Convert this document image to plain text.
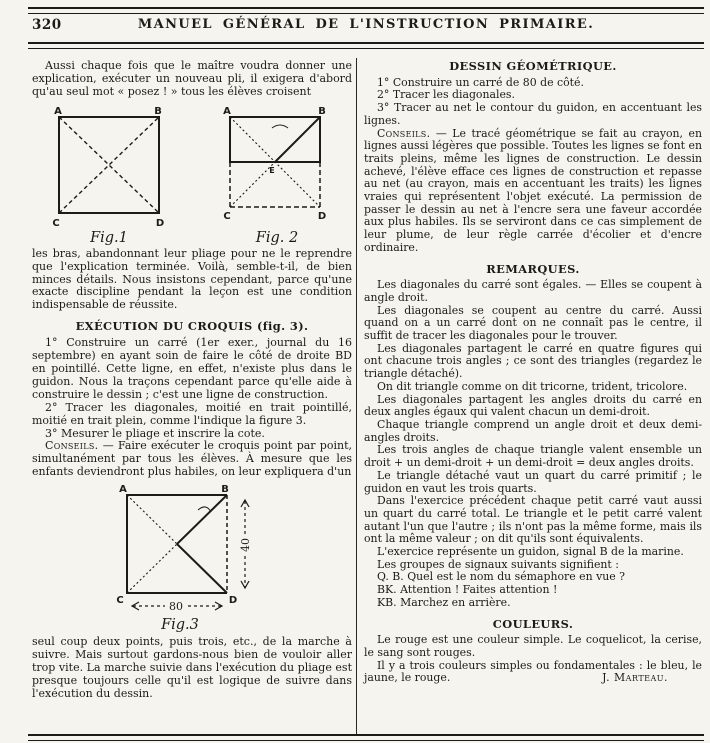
320	MANUEL GÉNÉRAL DE L'INSTRUCTION PRIMAIRE.

Aussi chaque fois que le maître voudra donner une explication, exécuter un nouveau pli, il exigera d'abord qu'au seul mot « posez ! » tous les élèves croisent

A	B
C	D
Fig.1
A	B
C	D
E
Fig. 2

les bras, abandonnant leur pliage pour ne le reprendre que l'explication terminée. Voilà, semble-t-il, de bien minces détails. Nous insistons cependant, parce qu'une exacte discipline pendant la leçon est une condition indispensable de réussite.

EXÉCUTION DU CROQUIS (fig. 3).

1° Construire un carré (1er exer., journal du 16 septembre) en ayant soin de faire le côté de droite BD en pointillé. Cette ligne, en effet, n'existe plus dans le guidon. Nous la traçons cependant parce qu'elle aide à construire le dessin ; c'est une ligne de construction.

2° Tracer les diagonales, moitié en trait pointillé, moitié en trait plein, comme l'indique la figure 3.

3° Mesurer le pliage et inscrire la cote.

Conseils. — Faire exécuter le croquis point par point, simultanément par tous les élèves. À mesure que les enfants deviendront plus habiles, on leur expliquera d'un

A	B
C	D
80
40
Fig.3

seul coup deux points, puis trois, etc., de la marche à suivre. Mais surtout gardons-nous bien de vouloir aller trop vite. La marche suivie dans l'exécution du pliage est presque toujours celle qu'il est logique de suivre dans l'exécution du dessin.

DESSIN GÉOMÉTRIQUE.

1° Construire un carré de 80 de côté.

2° Tracer les diagonales.

3° Tracer au net le contour du guidon, en accentuant les lignes.

Conseils. — Le tracé géométrique se fait au crayon, en lignes aussi légères que possible. Toutes les lignes se font en traits pleins, même les lignes de construction. Le dessin achevé, l'élève efface ces lignes de construction et repasse au net (au crayon, mais en accentuant les traits) les lignes vraies qui représentent l'objet exécuté. La permission de passer le dessin au net à l'encre sera une faveur accordée aux plus habiles. Ils se serviront dans ce cas simplement de leur plume, de leur règle carrée d'écolier et d'encre ordinaire.

REMARQUES.

Les diagonales du carré sont égales. — Elles se coupent à angle droit.

Les diagonales se coupent au centre du carré. Aussi quand on a un carré dont on ne connaît pas le centre, il suffit de tracer les diagonales pour le trouver.

Les diagonales partagent le carré en quatre figures qui ont chacune trois angles ; ce sont des triangles (regardez le triangle détaché).

On dit triangle comme on dit tricorne, trident, tricolore.

Les diagonales partagent les angles droits du carré en deux angles égaux qui valent chacun un demi-droit.

Chaque triangle comprend un angle droit et deux demi-angles droits.

Les trois angles de chaque triangle valent ensemble un droit + un demi-droit + un demi-droit = deux angles droits.

Le triangle détaché vaut un quart du carré primitif ; le guidon en vaut les trois quarts.

Dans l'exercice précédent chaque petit carré vaut aussi un quart du carré total. Le triangle et le petit carré valent autant l'un que l'autre ; ils n'ont pas la même forme, mais ils ont la même valeur ; on dit qu'ils sont équivalents.

L'exercice représente un guidon, signal B de la marine.

Les groupes de signaux suivants signifient :

Q. B. Quel est le nom du sémaphore en vue ?

BK. Attention ! Faites attention !

KB. Marchez en arrière.

COULEURS.

Le rouge est une couleur simple. Le coquelicot, la cerise, le sang sont rouges.

Il y a trois couleurs simples ou fondamentales : le bleu, le jaune, le rouge.	J. Marteau.
